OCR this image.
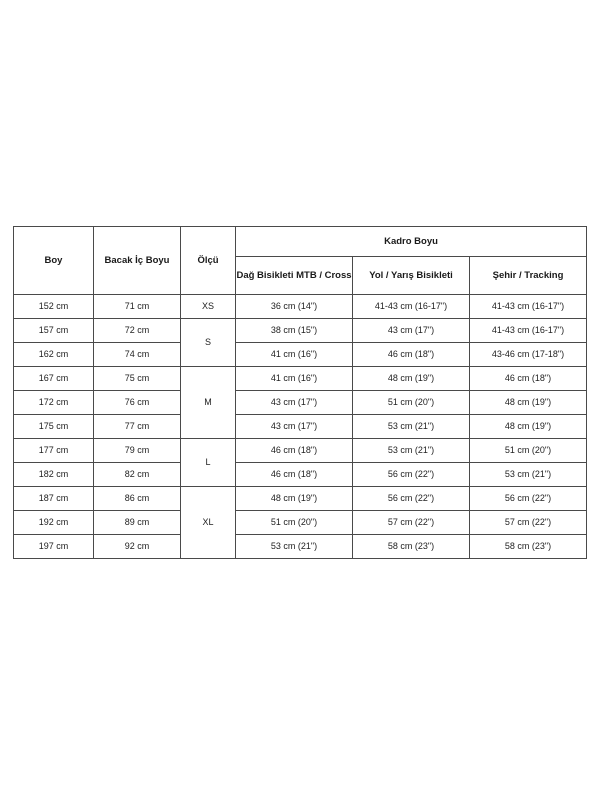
Boy	Bacak İç Boyu	Ölçü	Kadro Boyu		
			Dağ Bisikleti MTB / Cross	Yol / Yarış Bisikleti	Şehir / Tracking
152 cm	71 cm	XS	36 cm (14")	41-43 cm (16-17")	41-43 cm (16-17")
157 cm	72 cm	S	38 cm (15")	43 cm (17")	41-43 cm (16-17")
162 cm	74 cm		41 cm (16")	46 cm (18")	43-46 cm (17-18")
167 cm	75 cm	M	41 cm (16")	48 cm (19")	46 cm (18")
172 cm	76 cm		43 cm (17")	51 cm (20")	48 cm (19")
175 cm	77 cm		43 cm (17")	53 cm (21")	48 cm (19")
177 cm	79 cm	L	46 cm (18")	53 cm (21")	51 cm (20")
182 cm	82 cm		46 cm (18")	56 cm (22")	53 cm (21")
187 cm	86 cm	XL	48 cm (19")	56 cm (22")	56 cm (22")
192 cm	89 cm		51 cm (20")	57 cm (22")	57 cm (22")
197 cm	92 cm		53 cm (21")	58 cm (23")	58 cm (23")
